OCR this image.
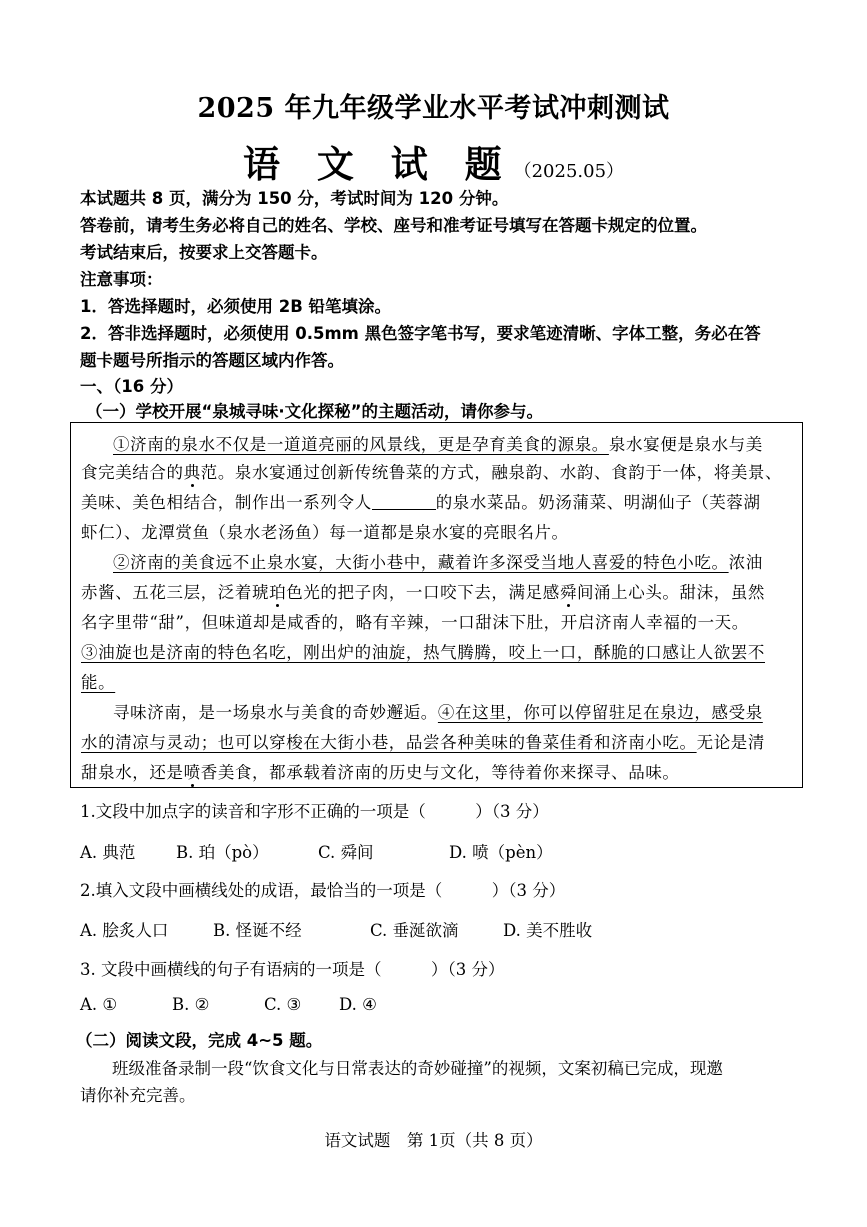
2025 年九年级学业水平考试冲刺测试
语 文 试 题（2025.05）
本试题共 8 页，满分为 150 分，考试时间为 120 分钟。
答卷前，请考生务必将自己的姓名、学校、座号和准考证号填写在答题卡规定的位置。
考试结束后，按要求上交答题卡。
注意事项：
1．答选择题时，必须使用 2B 铅笔填涂。
2．答非选择题时，必须使用 0.5mm 黑色签字笔书写，要求笔迹清晰、字体工整，务必在答
题卡题号所指示的答题区域内作答。
一、（16 分）
（一）学校开展“泉城寻味·文化探秘”的主题活动，请你参与。
①济南的泉水不仅是一道道亮丽的风景线，更是孕育美食的源泉。泉水宴便是泉水与美
食完美结合的典范。泉水宴通过创新传统鲁菜的方式，融泉韵、水韵、食韵于一体，将美景、
美味、美色相结合，制作出一系列令人	的泉水菜品。奶汤蒲菜、明湖仙子（芙蓉湖
虾仁）、龙潭赏鱼（泉水老汤鱼）每一道都是泉水宴的亮眼名片。
②济南的美食远不止泉水宴，大街小巷中，藏着许多深受当地人喜爱的特色小吃。浓油
赤酱、五花三层，泛着琥珀色光的把子肉，一口咬下去，满足感舜间涌上心头。甜沫，虽然
名字里带“甜”，但味道却是咸香的，略有辛辣，一口甜沫下肚，开启济南人幸福的一天。
③油旋也是济南的特色名吃，刚出炉的油旋，热气腾腾，咬上一口，酥脆的口感让人欲罢不
能。
寻味济南，是一场泉水与美食的奇妙邂逅。④在这里，你可以停留驻足在泉边，感受泉
水的清凉与灵动；也可以穿梭在大街小巷，品尝各种美味的鲁菜佳肴和济南小吃。无论是清
甜泉水，还是喷香美食，都承载着济南的历史与文化，等待着你来探寻、品味。
1.文段中加点字的读音和字形不正确的一项是（　　　）（3 分）
A. 典范 B. 珀（pò）	C. 舜间	D. 喷（pèn）
2.填入文段中画横线处的成语，最恰当的一项是（　　　）（3 分）
A. 脍炙人口	B. 怪诞不经	C. 垂涎欲滴	D. 美不胜收
3. 文段中画横线的句子有语病的一项是（　　　）（3 分）
A. ①	B. ②	C. ③ D. ④
（二）阅读文段，完成 4~5 题。
班级准备录制一段“饮食文化与日常表达的奇妙碰撞”的视频，文案初稿已完成，现邀
请你补充完善。
语文试题　第 1页（共 8 页）
